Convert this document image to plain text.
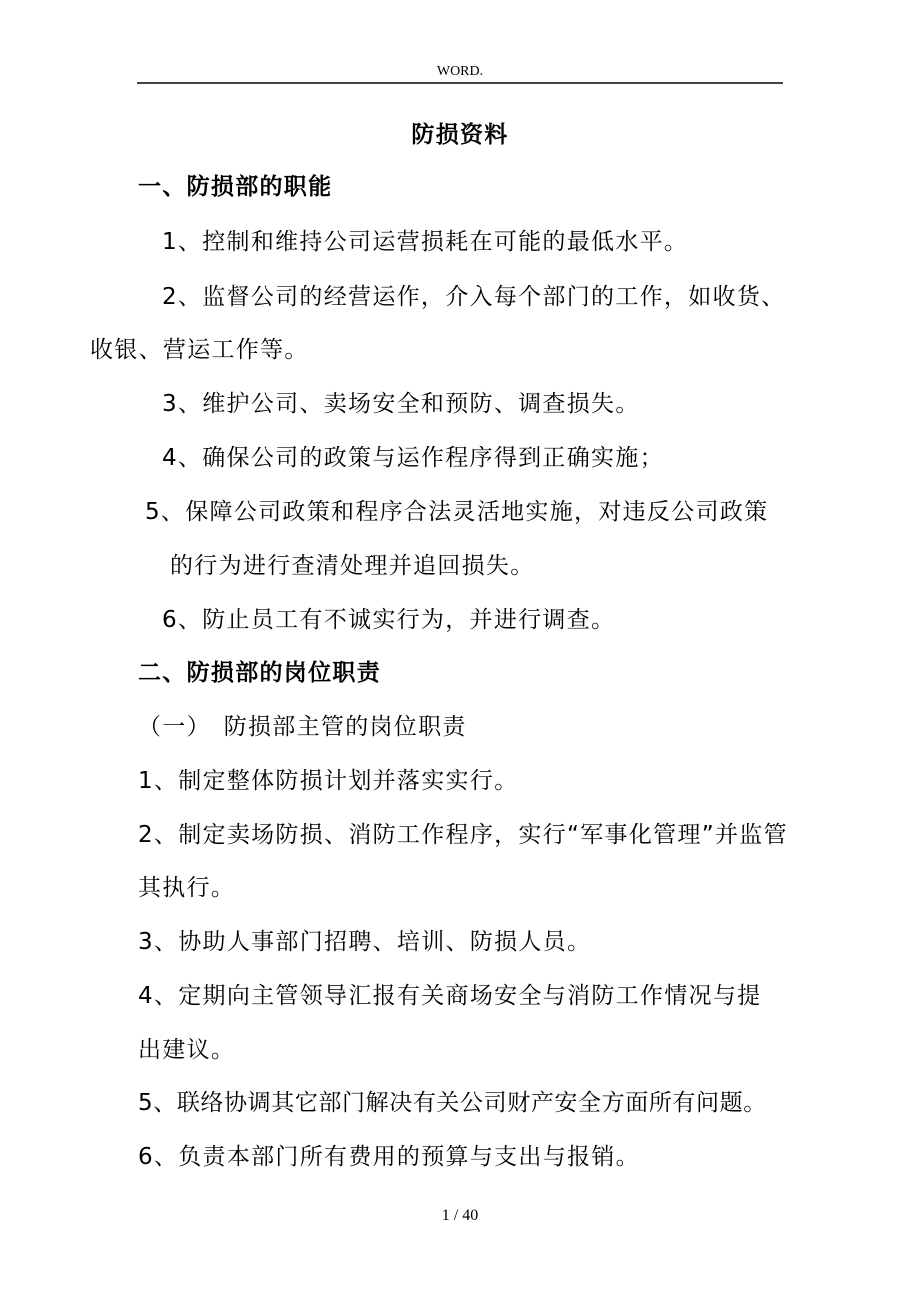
WORD.
防损资料
一、防损部的职能
1、控制和维持公司运营损耗在可能的最低水平。
2、监督公司的经营运作，介入每个部门的工作，如收货、
收银、营运工作等。
3、维护公司、卖场安全和预防、调查损失。
4、确保公司的政策与运作程序得到正确实施；
5、保障公司政策和程序合法灵活地实施，对违反公司政策
的行为进行查清处理并追回损失。
6、防止员工有不诚实行为，并进行调查。
二、防损部的岗位职责
（一）　防损部主管的岗位职责
1、制定整体防损计划并落实实行。
2、制定卖场防损、消防工作程序，实行“军事化管理”并监管
其执行。
3、协助人事部门招聘、培训、防损人员。
4、定期向主管领导汇报有关商场安全与消防工作情况与提
出建议。
5、联络协调其它部门解决有关公司财产安全方面所有问题。
6、负责本部门所有费用的预算与支出与报销。
1 / 40
